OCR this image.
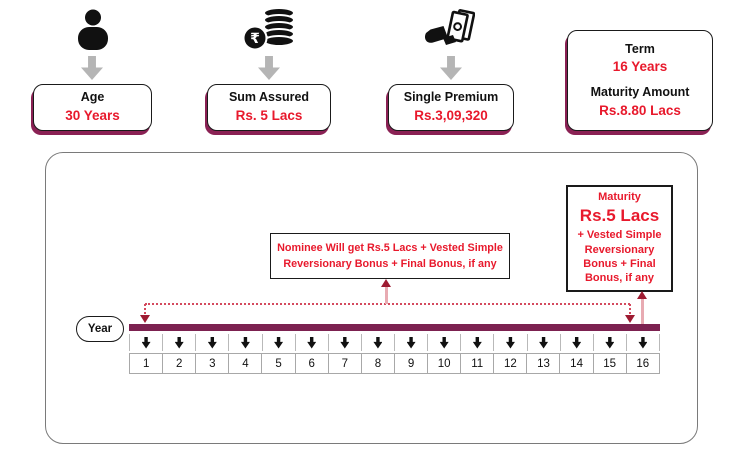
Age
30 Years
₹
Sum Assured
Rs. 5 Lacs
Single Premium
Rs.3,09,320
Term
16 Years
Maturity Amount
Rs.8.80 Lacs
Nominee Will get Rs.5 Lacs + Vested Simple
Reversionary Bonus + Final Bonus, if any
Maturity
Rs.5 Lacs
+ Vested Simple Reversionary Bonus + Final Bonus, if any
Year
1	2	3	4	5	6	7	8	9	10	11	12	13	14	15	16
